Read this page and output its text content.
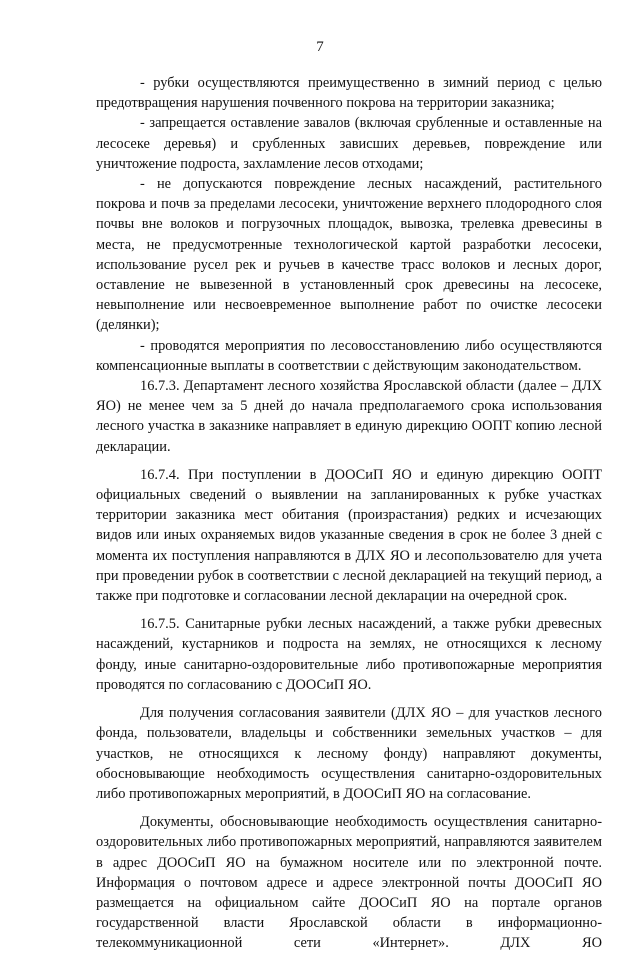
7

- рубки осуществляются преимущественно в зимний период с целью предотвращения нарушения почвенного покрова на территории заказника;

- запрещается оставление завалов (включая срубленные и оставленные на лесосеке деревья) и срубленных зависших деревьев, повреждение или уничтожение подроста, захламление лесов отходами;

- не допускаются повреждение лесных насаждений, растительного покрова и почв за пределами лесосеки, уничтожение верхнего плодородного слоя почвы вне волоков и погрузочных площадок, вывозка, трелевка древесины в места, не предусмотренные технологической картой разработки лесосеки, использование русел рек и ручьев в качестве трасс волоков и лесных дорог, оставление не вывезенной в установленный срок древесины на лесосеке, невыполнение или несвоевременное выполнение работ по очистке лесосеки (делянки);

- проводятся мероприятия по лесовосстановлению либо осуществляются компенсационные выплаты в соответствии с действующим законодательством.

16.7.3. Департамент лесного хозяйства Ярославской области (далее – ДЛХ ЯО) не менее чем за 5 дней до начала предполагаемого срока использования лесного участка в заказнике направляет в единую дирекцию ООПТ копию лесной декларации.

16.7.4. При поступлении в ДООСиП ЯО и единую дирекцию ООПТ официальных сведений о выявлении на запланированных к рубке участках территории заказника мест обитания (произрастания) редких и исчезающих видов или иных охраняемых видов указанные сведения в срок не более 3 дней с момента их поступления направляются в ДЛХ ЯО и лесопользователю для учета при проведении рубок в соответствии с лесной декларацией на текущий период, а также при подготовке и согласовании лесной декларации на очередной срок.

16.7.5. Санитарные рубки лесных насаждений, а также рубки древесных насаждений, кустарников и подроста на землях, не относящихся к лесному фонду, иные санитарно-оздоровительные либо противопожарные мероприятия проводятся по согласованию с ДООСиП ЯО.

Для получения согласования заявители (ДЛХ ЯО – для участков лесного фонда, пользователи, владельцы и собственники земельных участков – для участков, не относящихся к лесному фонду) направляют документы, обосновывающие необходимость осуществления санитарно-оздоровительных либо противопожарных мероприятий, в ДООСиП ЯО на согласование.

Документы, обосновывающие необходимость осуществления санитарно-оздоровительных либо противопожарных мероприятий, направляются заявителем в адрес ДООСиП ЯО на бумажном носителе или по электронной почте. Информация о почтовом адресе и адресе электронной почты ДООСиП ЯО размещается на официальном сайте ДООСиП ЯО на портале органов государственной власти Ярославской области в информационно-телекоммуникационной сети «Интернет». ДЛХ ЯО
